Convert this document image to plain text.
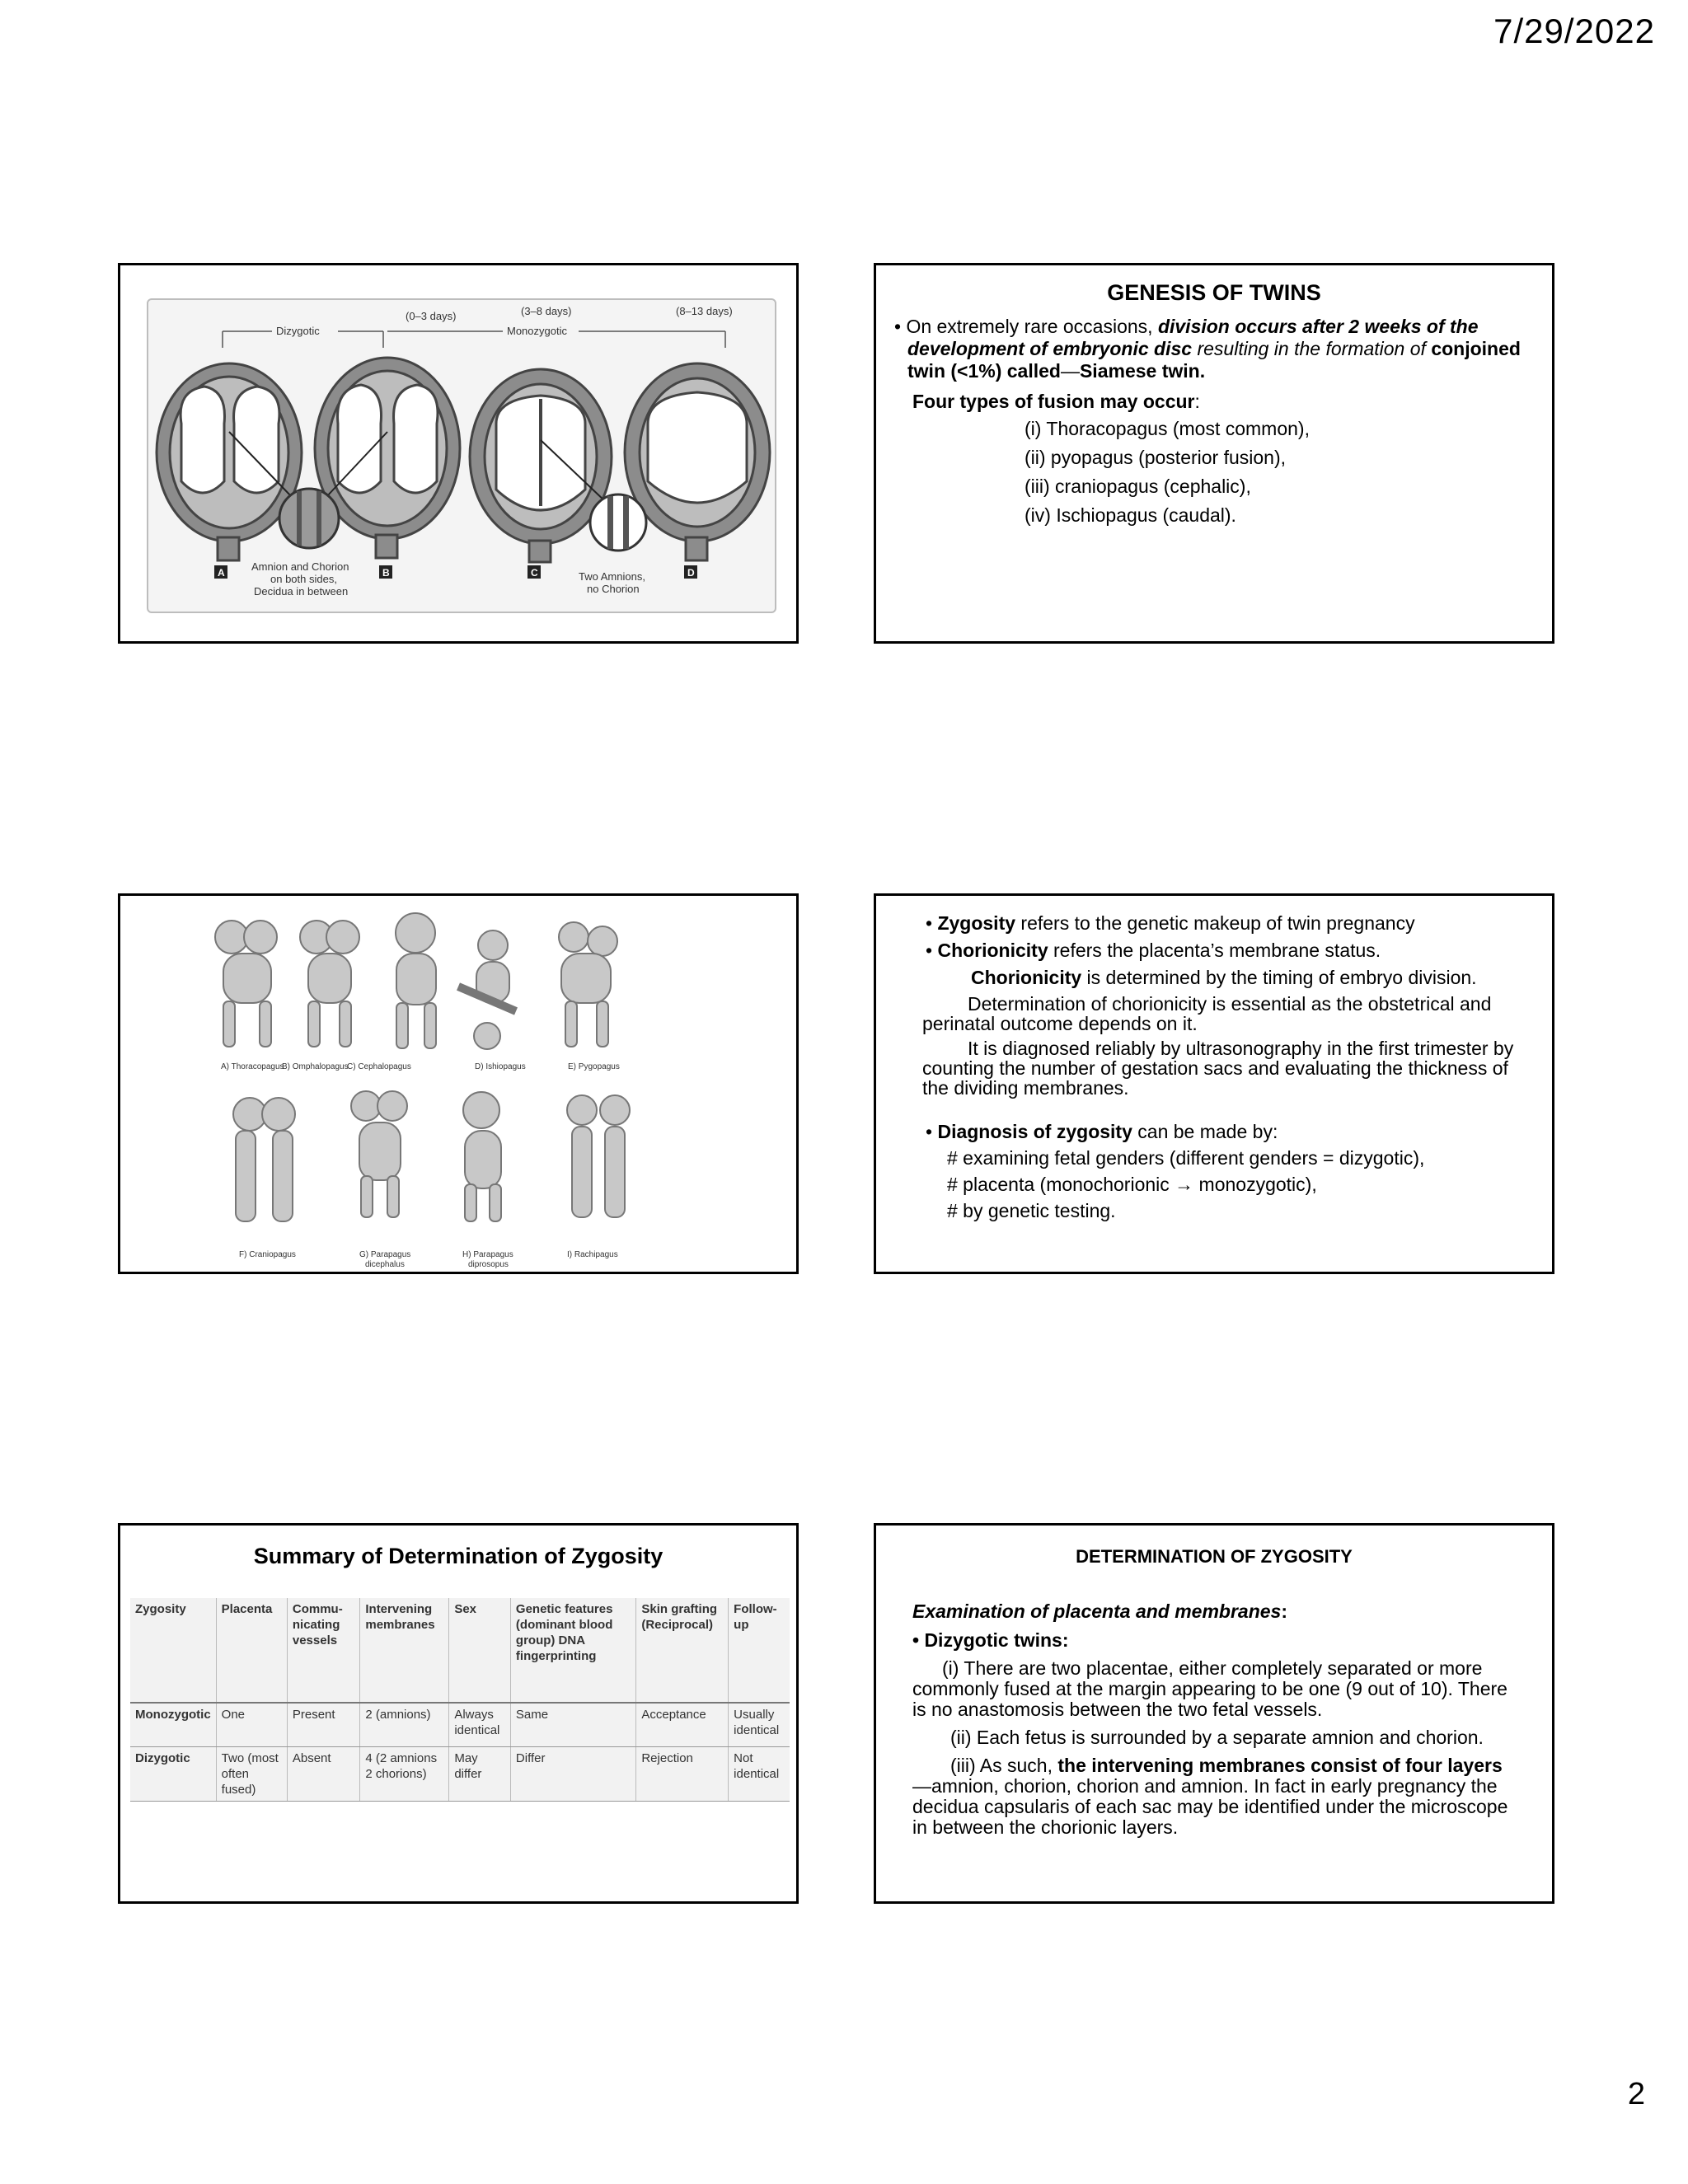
7/29/2022
(0–3 days)	(3–8 days)	(8–13 days)
Dizygotic	Monozygotic
A	B	C	D
Amnion and Chorion
on both sides,
Decidua in between
Two Amnions,
no Chorion
GENESIS OF TWINS

• On extremely rare occasions, division occurs after 2 weeks of the development of embryonic disc resulting in the formation of conjoined twin (<1%) called—Siamese twin.

Four types of fusion may occur:

(i) Thoracopagus (most common),
(ii) pyopagus (posterior fusion),
(iii) craniopagus (cephalic),
(iv) Ischiopagus (caudal).
A) Thoracopagus
B) Omphalopagus
C) Cephalopagus	D) Ishiopagus	E) Pygopagus
F) Craniopagus	G) Parapagus
dicephalus
H) Parapagus
diprosopus
I) Rachipagus

• Zygosity refers to the genetic makeup of twin pregnancy

• Chorionicity refers the placenta’s membrane status.

Chorionicity is determined by the timing of embryo division.

Determination of chorionicity is essential as the obstetrical and perinatal outcome depends on it.

It is diagnosed reliably by ultrasonography in the first trimester by counting the number of gestation sacs and evaluating the thickness of the dividing membranes.

• Diagnosis of zygosity can be made by:

# examining fetal genders (different genders = dizygotic),
# placenta (monochorionic → monozygotic),
# by genetic testing.
Summary of Determination of Zygosity
Zygosity	Placenta	Commu-nicating vessels	Intervening membranes	Sex	Genetic features (dominant blood group) DNA fingerprinting	Skin grafting (Reciprocal)	Follow-up
Monozygotic	One	Present	2 (amnions)	Always identical	Same	Acceptance	Usually identical
Dizygotic	Two (most often fused)	Absent	4 (2 amnions 2 chorions)	May differ	Differ	Rejection	Not identical
DETERMINATION OF ZYGOSITY

Examination of placenta and membranes:

• Dizygotic twins:

(i) There are two placentae, either completely separated or more commonly fused at the margin appearing to be one (9 out of 10). There is no anastomosis between the two fetal vessels.

(ii) Each fetus is surrounded by a separate amnion and chorion.

(iii) As such, the intervening membranes consist of four layers—amnion, chorion, chorion and amnion. In fact in early pregnancy the decidua capsularis of each sac may be identified under the microscope in between the chorionic layers.

2
